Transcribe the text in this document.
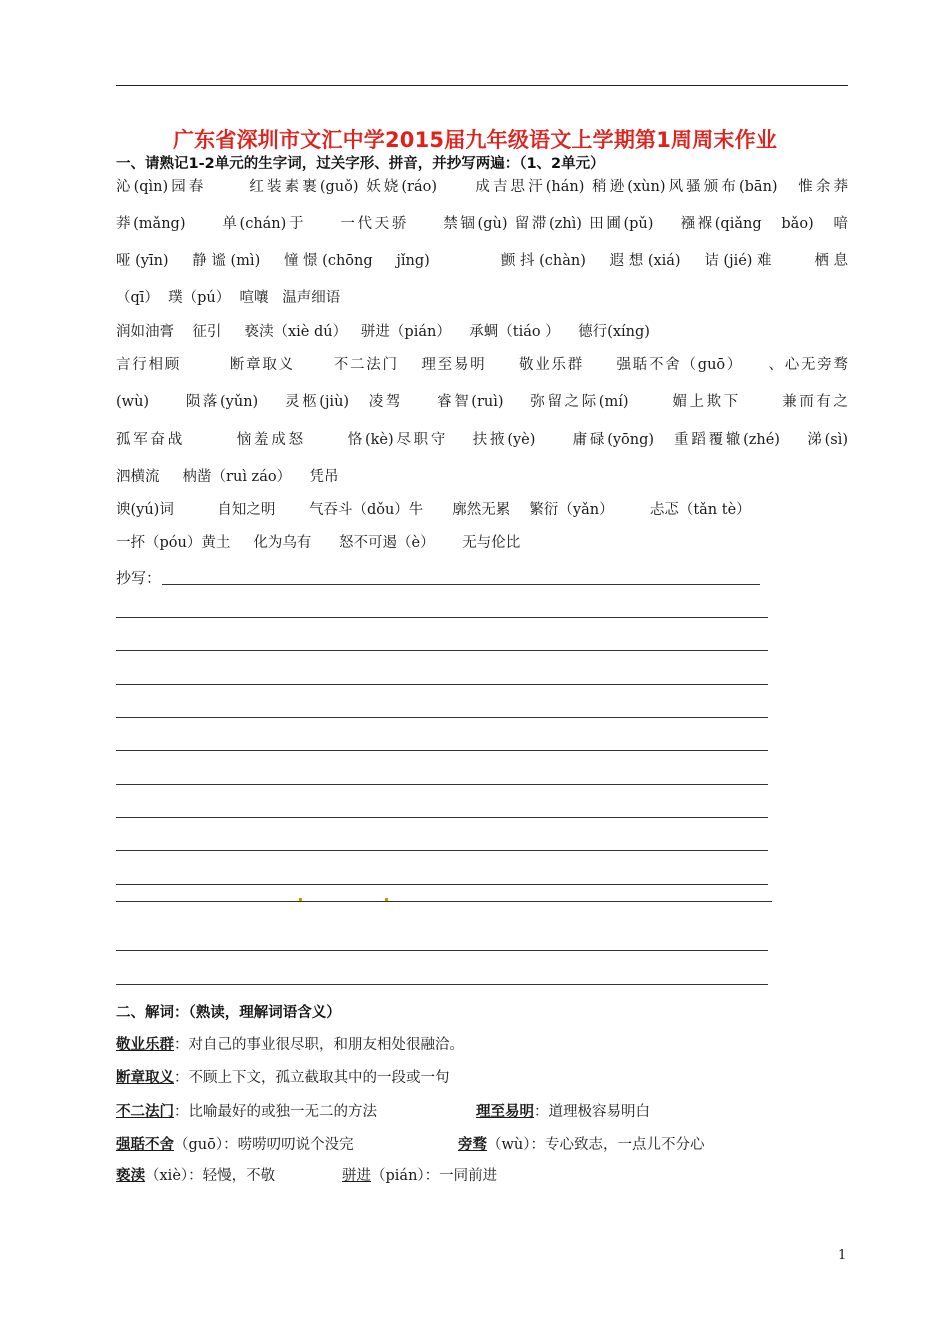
广东省深圳市文汇中学2015届九年级语文上学期第1周周末作业
一、请熟记1-2单元的生字词，过关字形、拼音，并抄写两遍：（1、2单元）
沁(qìn)园春　　 红装素裹(guǒ) 妖娆(ráo)　　成吉思汗(hán) 稍逊(xùn)风骚颁布(bān)　惟余莽
莽(mǎng)　　单(chán)于　　一代天骄　　禁锢(gù) 留滞(zhì) 田圃(pǔ)　 襁褓(qiǎng　bǎo)　喑
哑(yīn)　静谧(mì)　憧憬(chōng　jǐng)　　　 颤抖(chàn)　遐想(xiá)　诘(jié)难　　栖息
（qī）  璞（pú）  喧嚷   温声细语
润如油膏    征引     亵渎（xiè dú）   骈进（pián）    承蜩（tiáo ）    德行(xíng)
言行相顾　　　断章取义　　 不二法门　 理至易明　　敬业乐群　　强聒不舍（guō）　　、心无旁骛
(wù)　　陨落(yǔn)　 灵柩(jiù)　凌驾　　睿智(ruì)　 弥留之际(mí)　　 媚上欺下　　 兼而有之
孤军奋战　　　恼羞成怒　　 恪(kè)尽职守　 扶掖(yè)　　庸碌(yōng)　重蹈覆辙(zhé)　 涕(sì)
泗横流     枘凿（ruì záo）    凭吊
谀(yú)词　　　自知之明　　 气吞斗（dǒu）牛　　廓然无累　 繁衍（yǎn）　　　忐忑（tǎn tè）
一抔（póu）黄土     化为乌有      怒不可遏（è）      无与伦比
抄写：
二、解词：（熟读，理解词语含义）
敬业乐群：对自己的事业很尽职，和朋友相处很融洽。
断章取义：不顾上下文，孤立截取其中的一段或一句
不二法门：比喻最好的或独一无二的方法	理至易明：道理极容易明白
强聒不舍（guō）：唠唠叨叨说个没完	旁骛（wù）：专心致志，一点儿不分心
亵渎（xiè）：轻慢，不敬	骈进（pián）：一同前进
1
